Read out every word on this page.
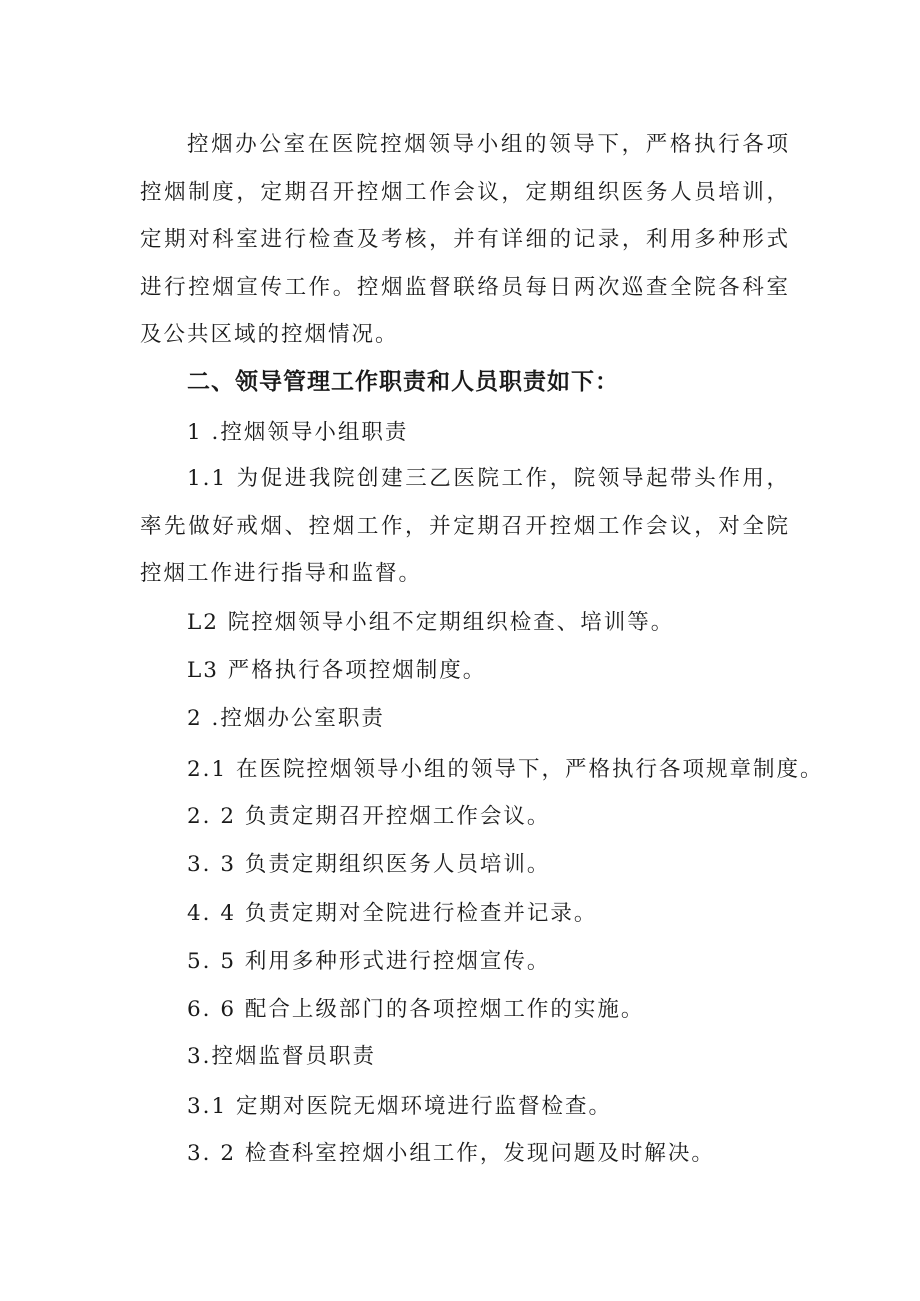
控烟办公室在医院控烟领导小组的领导下，严格执行各项控烟制度，定期召开控烟工作会议，定期组织医务人员培训，定期对科室进行检查及考核，并有详细的记录，利用多种形式进行控烟宣传工作。控烟监督联络员每日两次巡查全院各科室及公共区域的控烟情况。

二、领导管理工作职责和人员职责如下：

1 .控烟领导小组职责

1.1 为促进我院创建三乙医院工作，院领导起带头作用，率先做好戒烟、控烟工作，并定期召开控烟工作会议，对全院控烟工作进行指导和监督。

L2 院控烟领导小组不定期组织检查、培训等。

L3 严格执行各项控烟制度。

2 .控烟办公室职责

2.1 在医院控烟领导小组的领导下，严格执行各项规章制度。

2. 2 负责定期召开控烟工作会议。

3. 3 负责定期组织医务人员培训。

4. 4 负责定期对全院进行检查并记录。

5. 5 利用多种形式进行控烟宣传。

6. 6 配合上级部门的各项控烟工作的实施。

3.控烟监督员职责

3.1 定期对医院无烟环境进行监督检查。

3. 2 检查科室控烟小组工作，发现问题及时解决。
